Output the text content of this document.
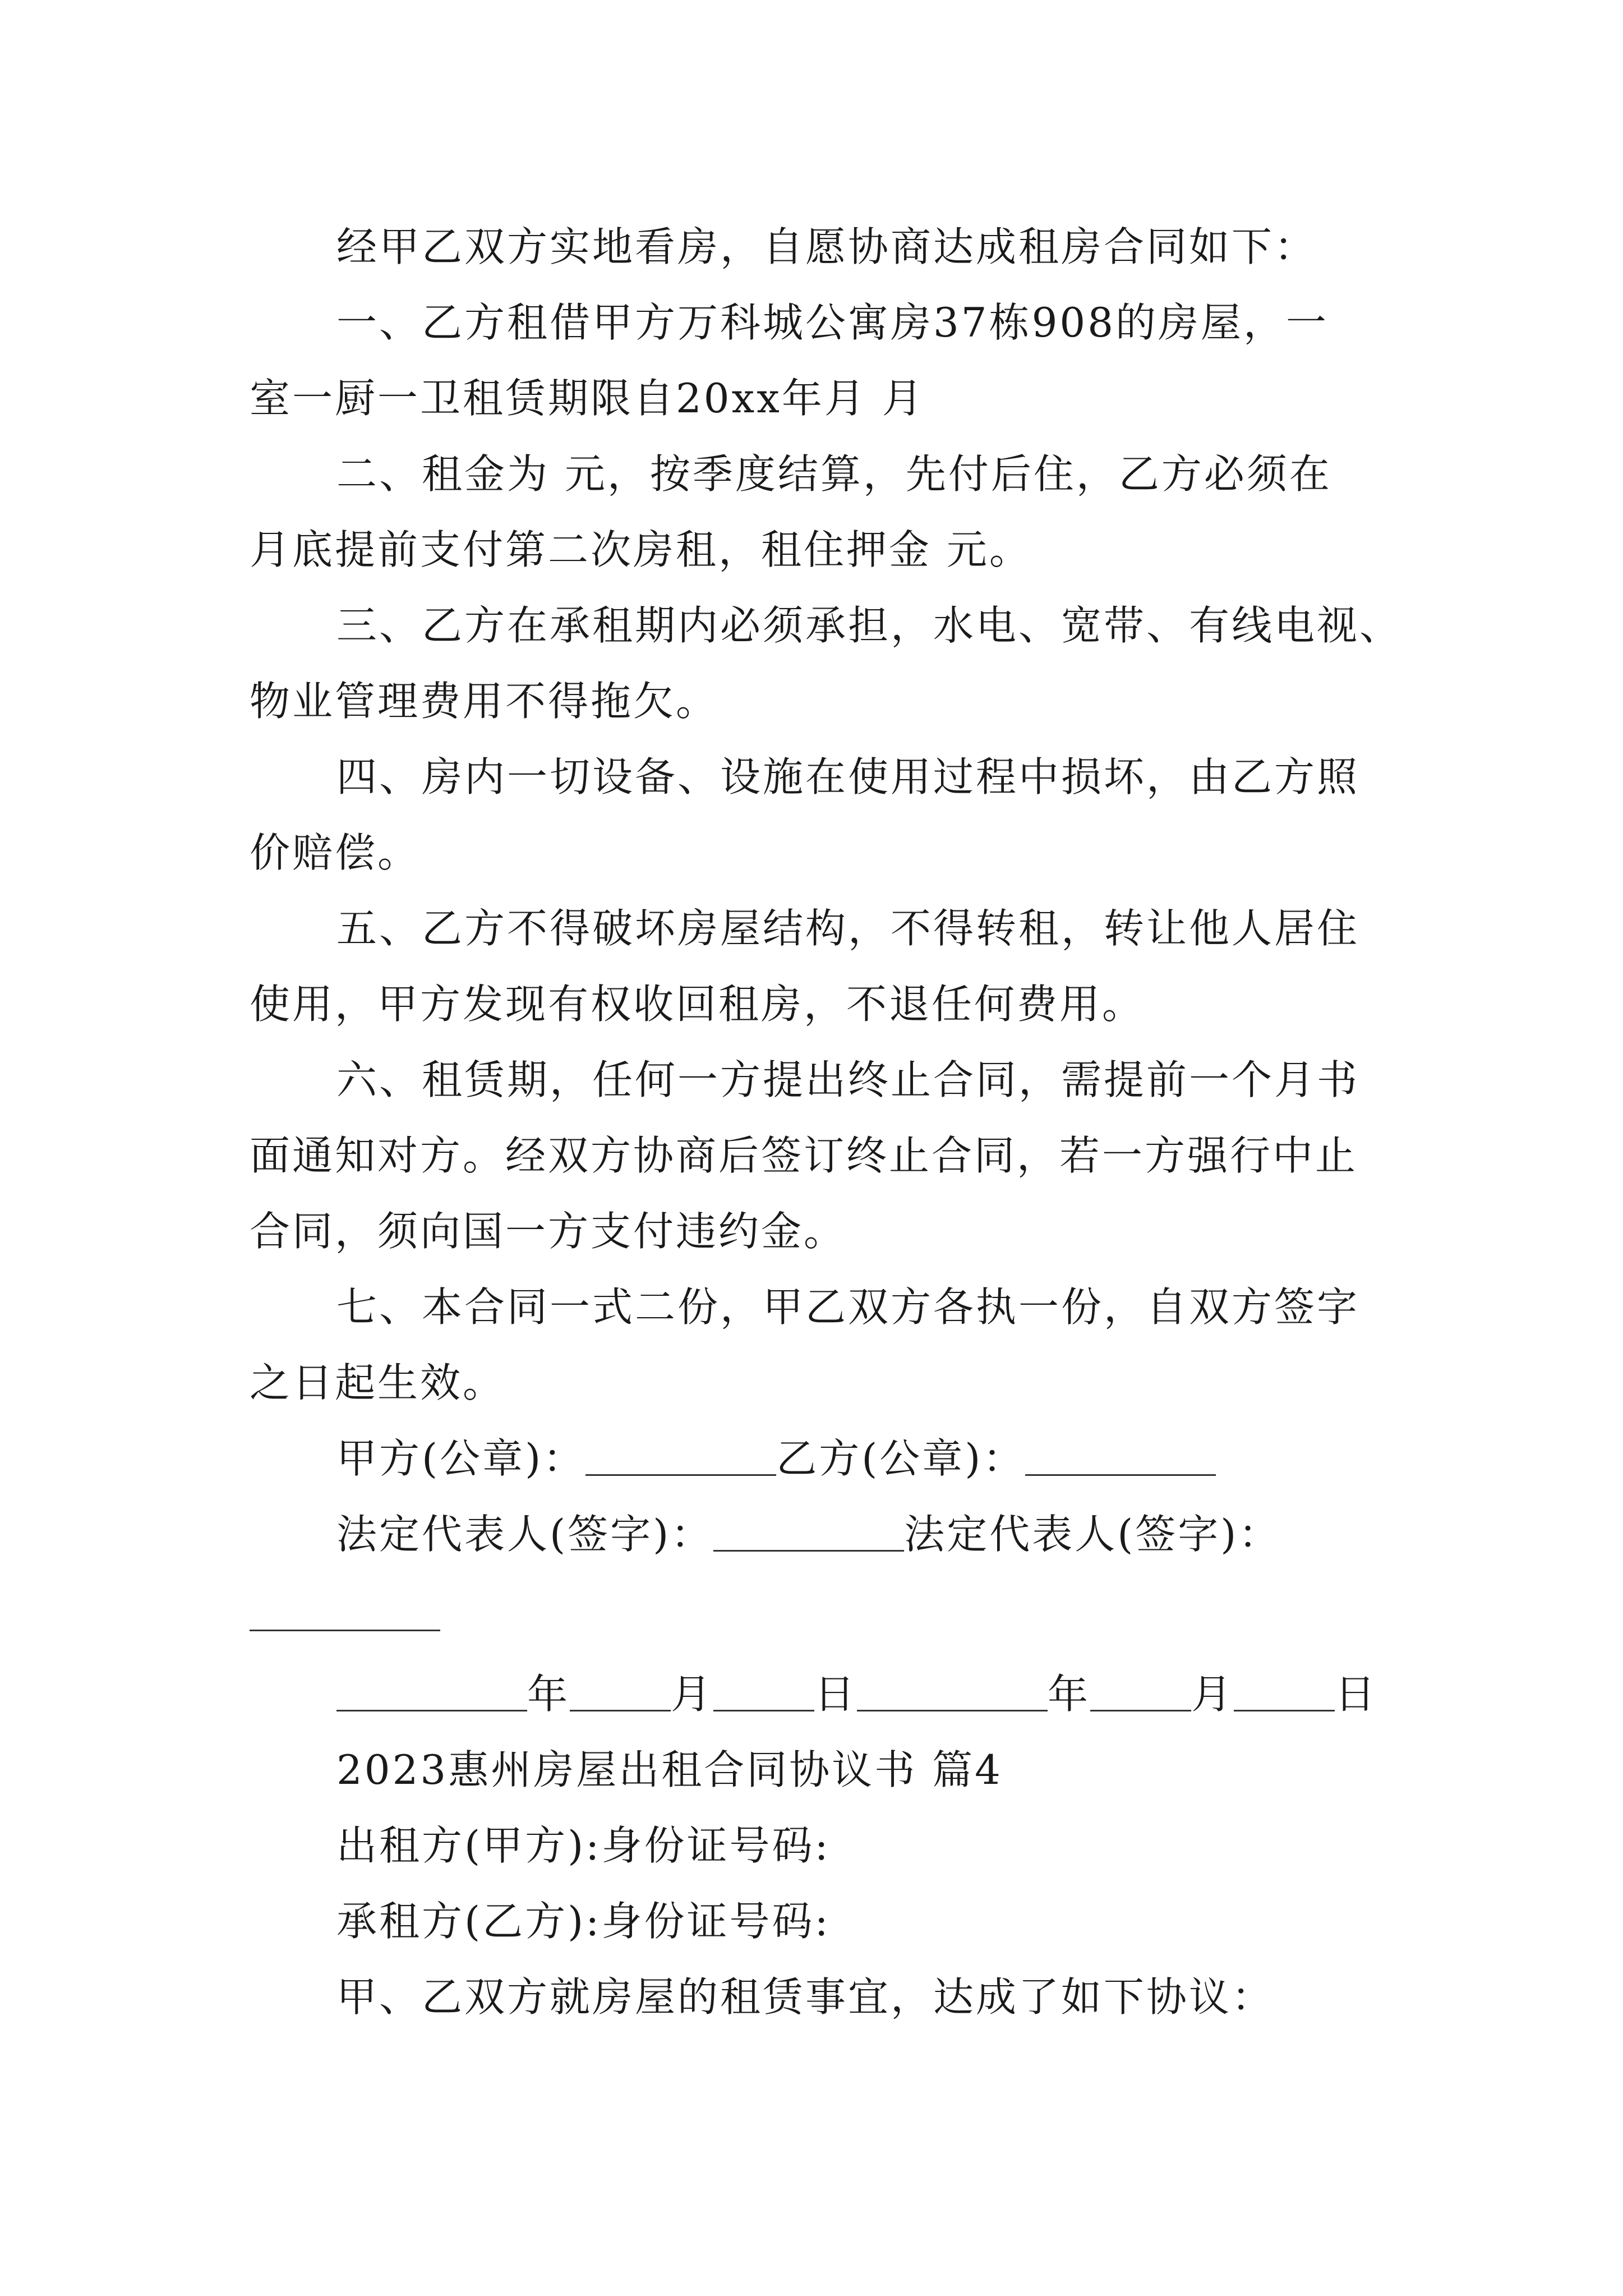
经甲乙双方实地看房，自愿协商达成租房合同如下：
一、乙方租借甲方万科城公寓房37栋908的房屋，一
室一厨一卫租赁期限自20xx年月 月
二、租金为 元，按季度结算，先付后住，乙方必须在
月底提前支付第二次房租，租住押金 元。
三、乙方在承租期内必须承担，水电、宽带、有线电视、
物业管理费用不得拖欠。
四、房内一切设备、设施在使用过程中损坏，由乙方照
价赔偿。
五、乙方不得破坏房屋结构，不得转租，转让他人居住
使用，甲方发现有权收回租房，不退任何费用。
六、租赁期，任何一方提出终止合同，需提前一个月书
面通知对方。经双方协商后签订终止合同，若一方强行中止
合同，须向国一方支付违约金。
七、本合同一式二份，甲乙双方各执一份，自双方签字
之日起生效。
甲方(公章)：	乙方(公章)：
法定代表人(签字)：	法定代表人(签字)：
年	月	日	年	月	日
2023惠州房屋出租合同协议书 篇4
出租方(甲方):身份证号码:
承租方(乙方):身份证号码:
甲、乙双方就房屋的租赁事宜，达成了如下协议：
